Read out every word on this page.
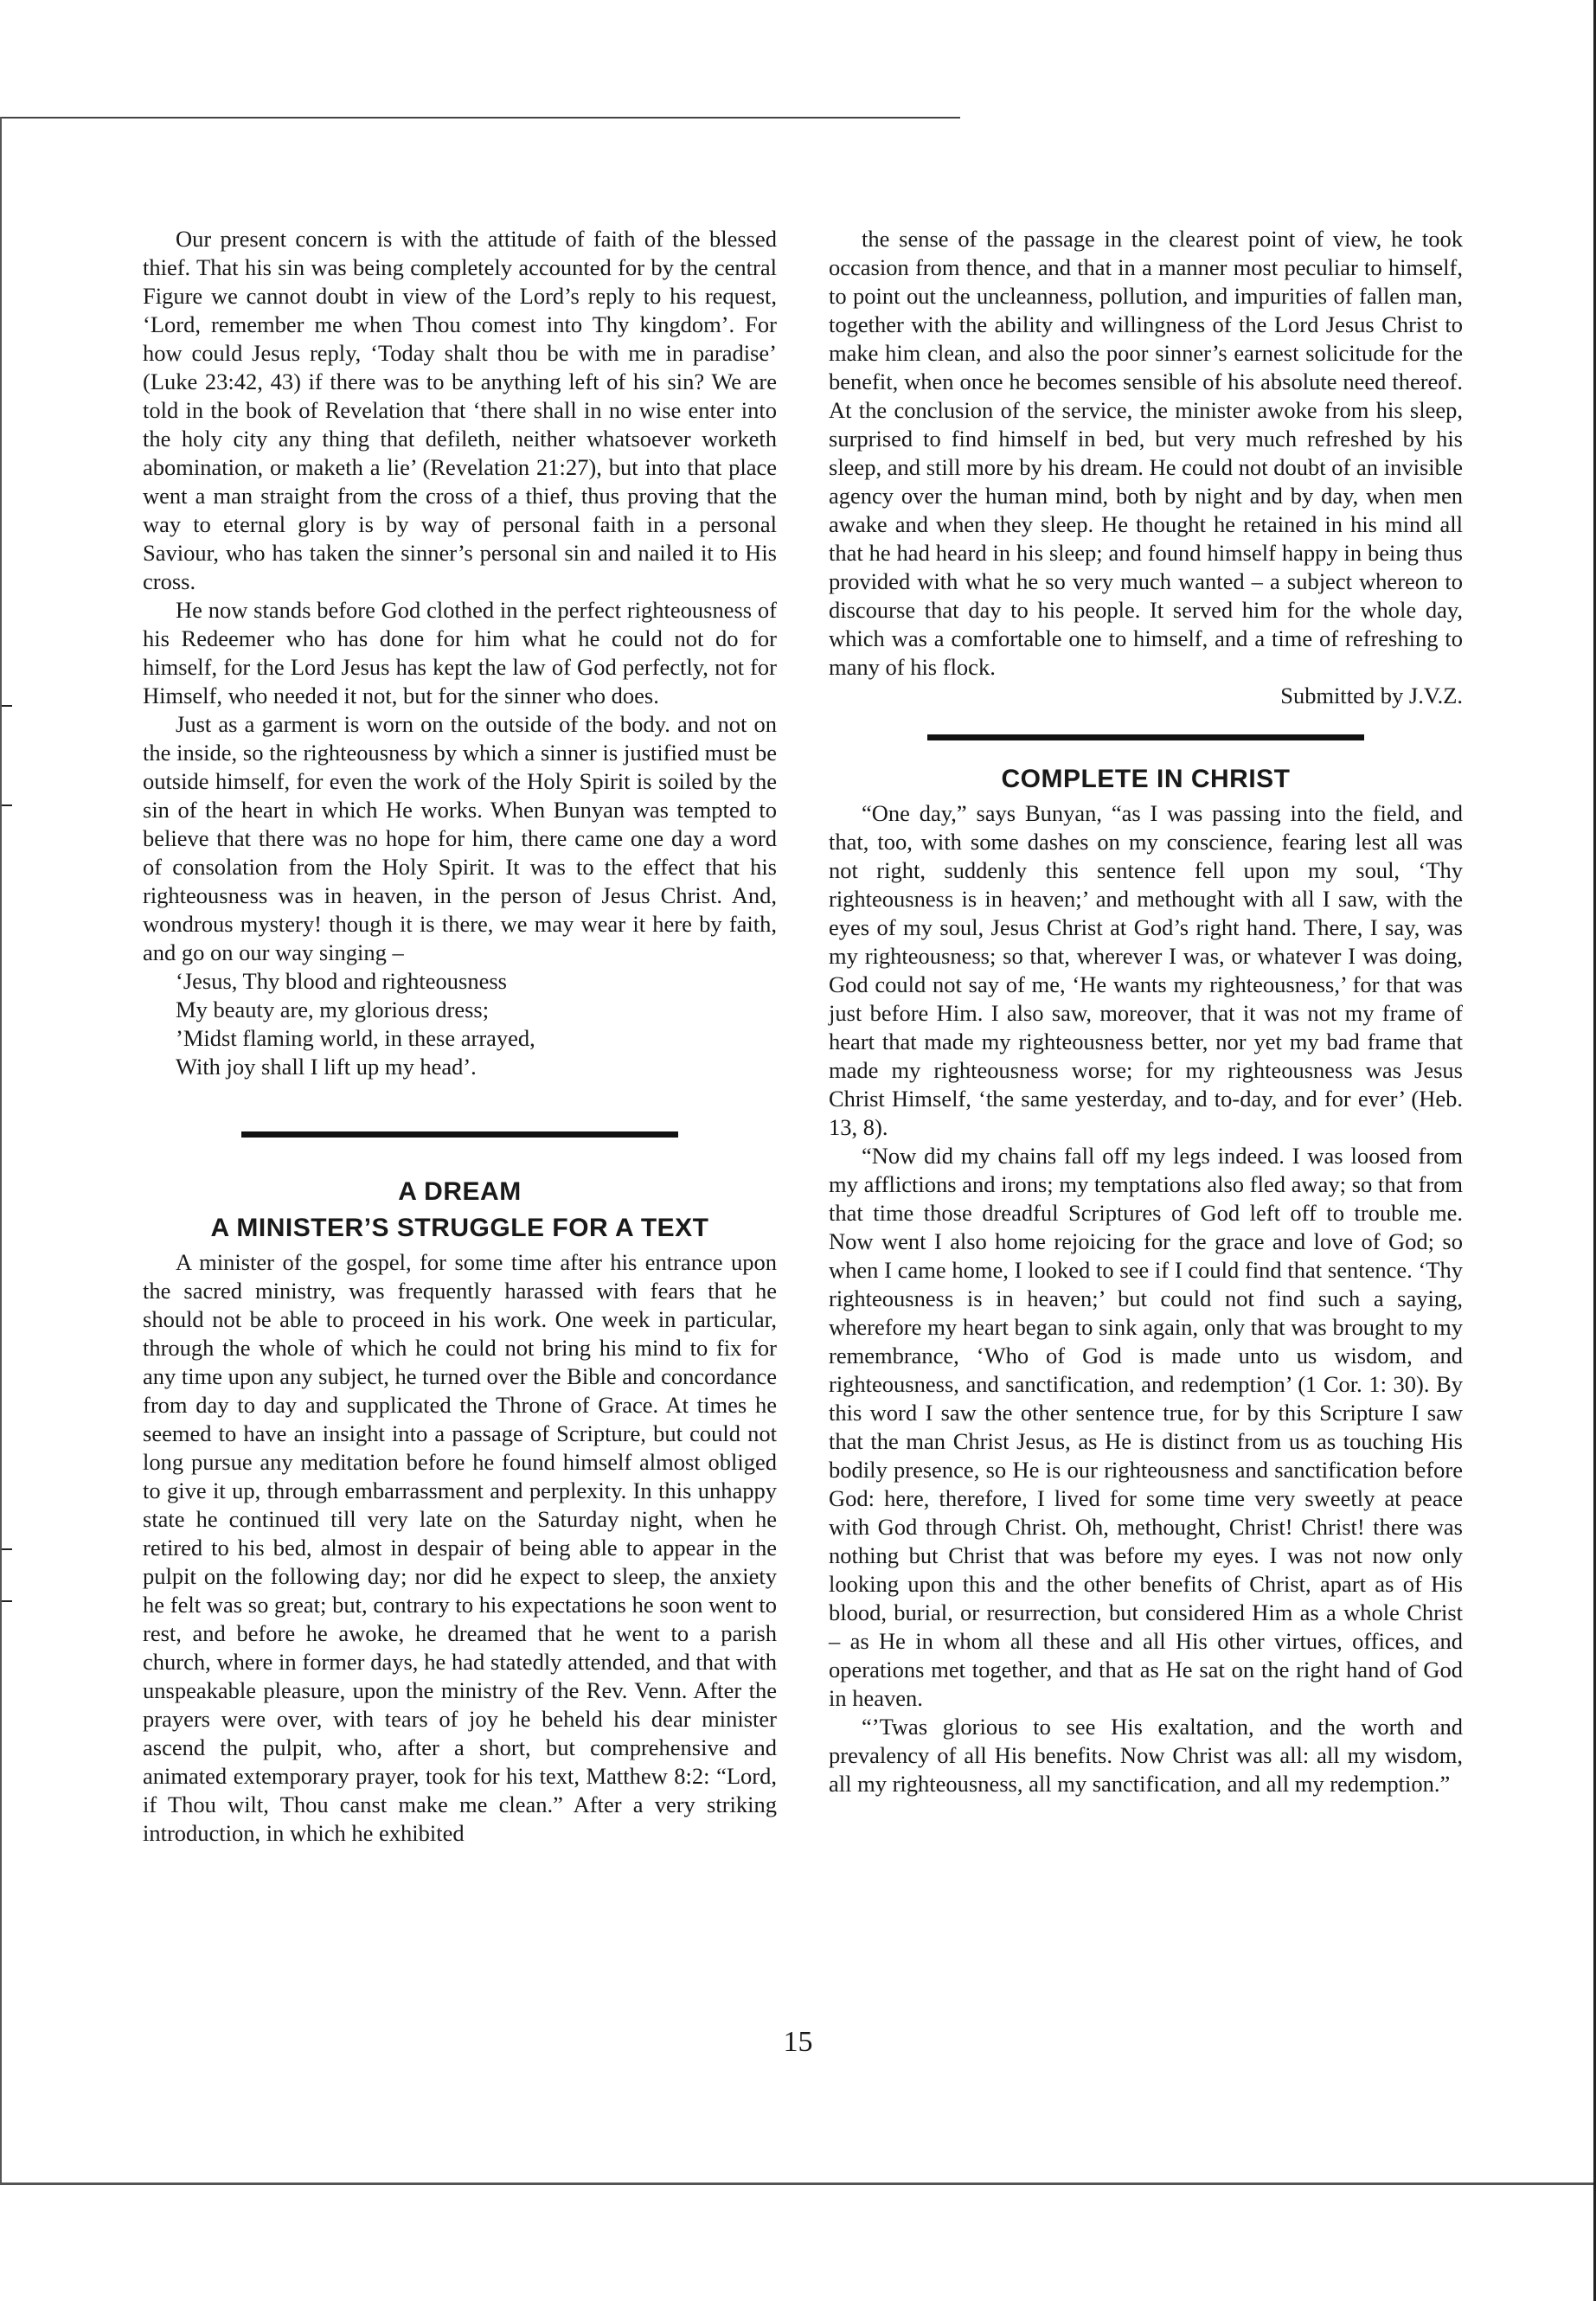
Our present concern is with the attitude of faith of the blessed thief. That his sin was being completely accounted for by the central Figure we cannot doubt in view of the Lord’s reply to his request, ‘Lord, remember me when Thou comest into Thy kingdom’. For how could Jesus reply, ‘Today shalt thou be with me in paradise’ (Luke 23:42, 43) if there was to be anything left of his sin? We are told in the book of Revelation that ‘there shall in no wise enter into the holy city any thing that defileth, neither whatsoever worketh abomination, or maketh a lie’ (Revelation 21:27), but into that place went a man straight from the cross of a thief, thus proving that the way to eternal glory is by way of personal faith in a personal Saviour, who has taken the sinner’s personal sin and nailed it to His cross.

He now stands before God clothed in the perfect righteousness of his Redeemer who has done for him what he could not do for himself, for the Lord Jesus has kept the law of God perfectly, not for Himself, who needed it not, but for the sinner who does.

Just as a garment is worn on the outside of the body. and not on the inside, so the righteousness by which a sinner is justified must be outside himself, for even the work of the Holy Spirit is soiled by the sin of the heart in which He works. When Bunyan was tempted to believe that there was no hope for him, there came one day a word of consolation from the Holy Spirit. It was to the effect that his righteousness was in heaven, in the person of Jesus Christ. And, wondrous mystery! though it is there, we may wear it here by faith, and go on our way singing –

‘Jesus, Thy blood and righteousness
My beauty are, my glorious dress;
’Midst flaming world, in these arrayed,
With joy shall I lift up my head’.
A DREAM
A MINISTER’S STRUGGLE FOR A TEXT

A minister of the gospel, for some time after his entrance upon the sacred ministry, was frequently harassed with fears that he should not be able to proceed in his work. One week in particular, through the whole of which he could not bring his mind to fix for any time upon any subject, he turned over the Bible and concordance from day to day and supplicated the Throne of Grace. At times he seemed to have an insight into a passage of Scripture, but could not long pursue any meditation before he found himself almost obliged to give it up, through embarrassment and perplexity. In this unhappy state he continued till very late on the Saturday night, when he retired to his bed, almost in despair of being able to appear in the pulpit on the following day; nor did he expect to sleep, the anxiety he felt was so great; but, contrary to his expectations he soon went to rest, and before he awoke, he dreamed that he went to a parish church, where in former days, he had statedly attended, and that with unspeakable pleasure, upon the ministry of the Rev. Venn. After the prayers were over, with tears of joy he beheld his dear minister ascend the pulpit, who, after a short, but comprehensive and animated extemporary prayer, took for his text, Matthew 8:2: “Lord, if Thou wilt, Thou canst make me clean.” After a very striking introduction, in which he exhibited

the sense of the passage in the clearest point of view, he took occasion from thence, and that in a manner most peculiar to himself, to point out the uncleanness, pollution, and impurities of fallen man, together with the ability and willingness of the Lord Jesus Christ to make him clean, and also the poor sinner’s earnest solicitude for the benefit, when once he becomes sensible of his absolute need thereof. At the conclusion of the service, the minister awoke from his sleep, surprised to find himself in bed, but very much refreshed by his sleep, and still more by his dream. He could not doubt of an invisible agency over the human mind, both by night and by day, when men awake and when they sleep. He thought he retained in his mind all that he had heard in his sleep; and found himself happy in being thus provided with what he so very much wanted – a subject whereon to discourse that day to his people. It served him for the whole day, which was a comfortable one to himself, and a time of refreshing to many of his flock.

Submitted by J.V.Z.
COMPLETE IN CHRIST

“One day,” says Bunyan, “as I was passing into the field, and that, too, with some dashes on my conscience, fearing lest all was not right, suddenly this sentence fell upon my soul, ‘Thy righteousness is in heaven;’ and methought with all I saw, with the eyes of my soul, Jesus Christ at God’s right hand. There, I say, was my righteousness; so that, wherever I was, or whatever I was doing, God could not say of me, ‘He wants my righteousness,’ for that was just before Him. I also saw, moreover, that it was not my frame of heart that made my righteousness better, nor yet my bad frame that made my righteousness worse; for my righteousness was Jesus Christ Himself, ‘the same yesterday, and to-day, and for ever’ (Heb. 13, 8).

“Now did my chains fall off my legs indeed. I was loosed from my afflictions and irons; my temptations also fled away; so that from that time those dreadful Scriptures of God left off to trouble me. Now went I also home rejoicing for the grace and love of God; so when I came home, I looked to see if I could find that sentence. ‘Thy righteousness is in heaven;’ but could not find such a saying, wherefore my heart began to sink again, only that was brought to my remembrance, ‘Who of God is made unto us wisdom, and righteousness, and sanctification, and redemption’ (1 Cor. 1: 30). By this word I saw the other sentence true, for by this Scripture I saw that the man Christ Jesus, as He is distinct from us as touching His bodily presence, so He is our righteousness and sanctification before God: here, therefore, I lived for some time very sweetly at peace with God through Christ. Oh, methought, Christ! Christ! there was nothing but Christ that was before my eyes. I was not now only looking upon this and the other benefits of Christ, apart as of His blood, burial, or resurrection, but considered Him as a whole Christ – as He in whom all these and all His other virtues, offices, and operations met together, and that as He sat on the right hand of God in heaven.

“’Twas glorious to see His exaltation, and the worth and prevalency of all His benefits. Now Christ was all: all my wisdom, all my righteousness, all my sanctification, and all my redemption.”

15
